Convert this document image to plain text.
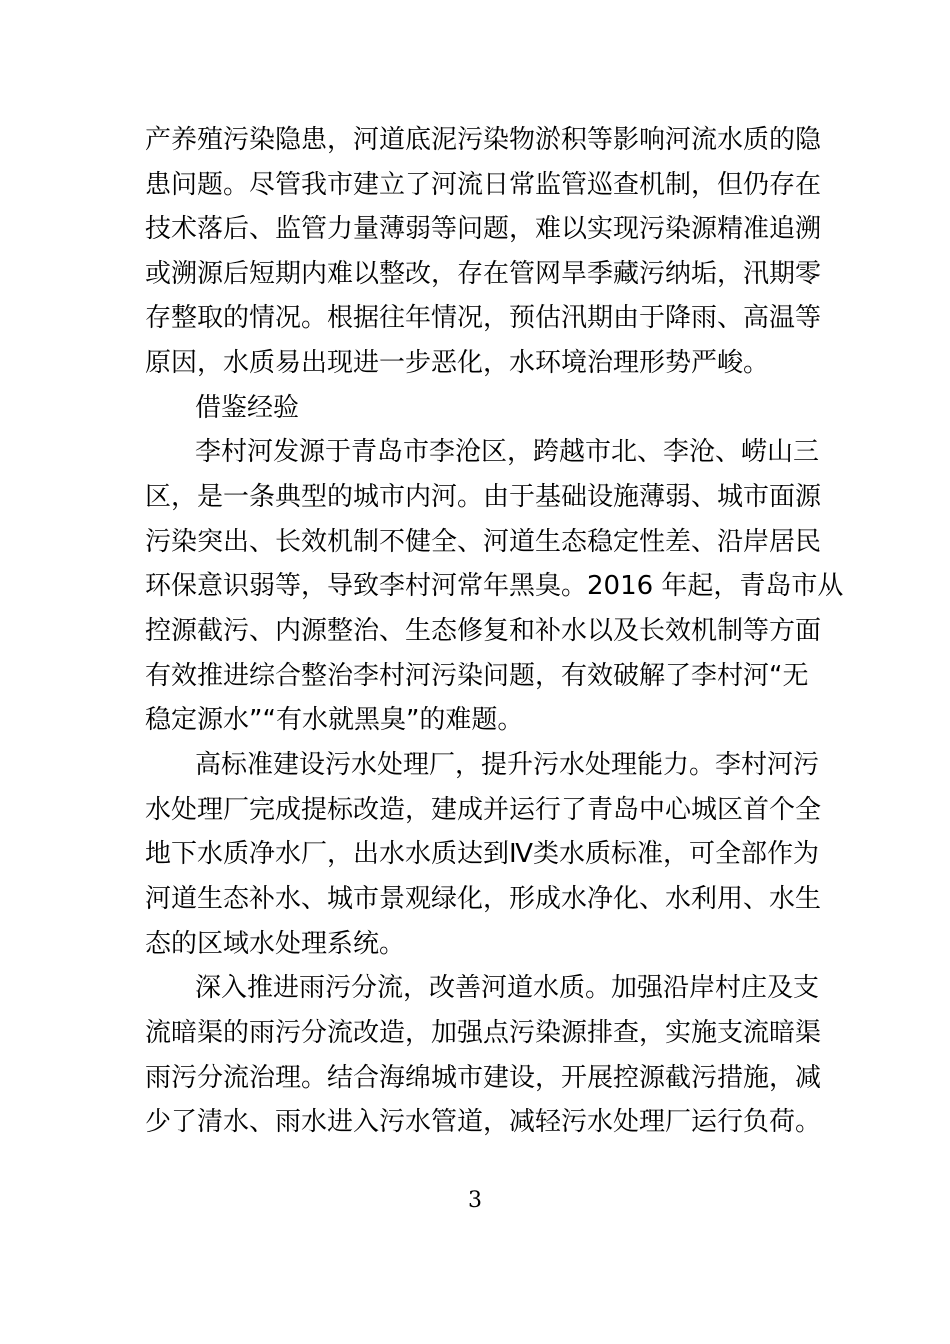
产养殖污染隐患，河道底泥污染物淤积等影响河流水质的隐
患问题。尽管我市建立了河流日常监管巡查机制，但仍存在
技术落后、监管力量薄弱等问题，难以实现污染源精准追溯
或溯源后短期内难以整改，存在管网旱季藏污纳垢，汛期零
存整取的情况。根据往年情况，预估汛期由于降雨、高温等
原因，水质易出现进一步恶化，水环境治理形势严峻。
借鉴经验
李村河发源于青岛市李沧区，跨越市北、李沧、崂山三
区，是一条典型的城市内河。由于基础设施薄弱、城市面源
污染突出、长效机制不健全、河道生态稳定性差、沿岸居民
环保意识弱等，导致李村河常年黑臭。2016 年起，青岛市从
控源截污、内源整治、生态修复和补水以及长效机制等方面
有效推进综合整治李村河污染问题，有效破解了李村河“无
稳定源水”“有水就黑臭”的难题。
高标准建设污水处理厂，提升污水处理能力。李村河污
水处理厂完成提标改造，建成并运行了青岛中心城区首个全
地下水质净水厂，出水水质达到Ⅳ类水质标准，可全部作为
河道生态补水、城市景观绿化，形成水净化、水利用、水生
态的区域水处理系统。
深入推进雨污分流，改善河道水质。加强沿岸村庄及支
流暗渠的雨污分流改造，加强点污染源排查，实施支流暗渠
雨污分流治理。结合海绵城市建设，开展控源截污措施，减
少了清水、雨水进入污水管道，减轻污水处理厂运行负荷。
3
